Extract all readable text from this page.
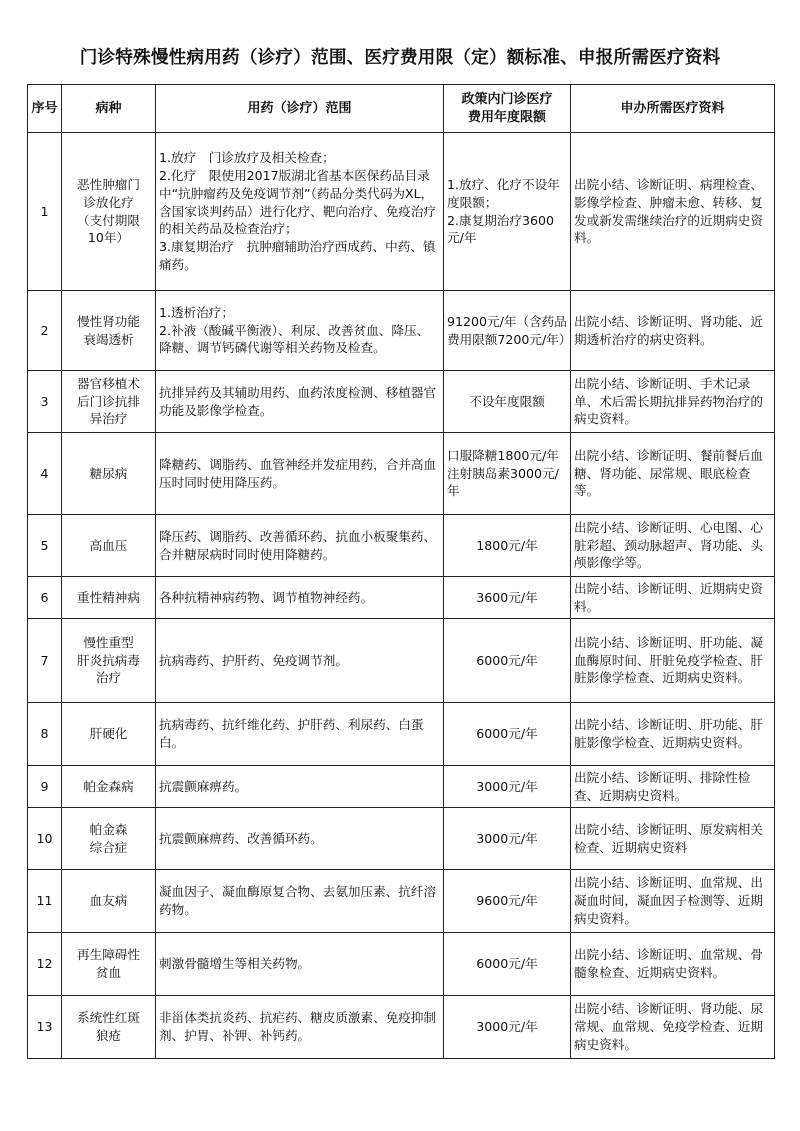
门诊特殊慢性病用药（诊疗）范围、医疗费用限（定）额标准、申报所需医疗资料
序号	病种	用药（诊疗）范围	政策内门诊医疗
费用年度限额	申办所需医疗资料
1	恶性肿瘤门
诊放化疗
（支付期限
10年）	1.放疗　门诊放疗及相关检查；
2.化疗　限使用2017版湖北省基本医保药品目录中“抗肿瘤药及免疫调节剂”（药品分类代码为XL，含国家谈判药品）进行化疗、靶向治疗、免疫治疗的相关药品及检查治疗；
3.康复期治疗　抗肿瘤辅助治疗西成药、中药、镇痛药。	1.放疗、化疗不设年度限额；
2.康复期治疗3600元/年	出院小结、诊断证明、病理检查、影像学检查、肿瘤未愈、转移、复发或新发需继续治疗的近期病史资料。
2	慢性肾功能
衰竭透析	1.透析治疗；
2.补液（酸碱平衡液）、利尿、改善贫血、降压、降糖、调节钙磷代谢等相关药物及检查。	91200元/年（含药品费用限额7200元/年）	出院小结、诊断证明、肾功能、近期透析治疗的病史资料。
3	器官移植术
后门诊抗排
异治疗	抗排异药及其辅助用药、血药浓度检测、移植器官功能及影像学检查。	不设年度限额	出院小结、诊断证明、手术记录单、术后需长期抗排异药物治疗的病史资料。
4	糖尿病	降糖药、调脂药、血管神经并发症用药，合并高血压时同时使用降压药。	口服降糖1800元/年
注射胰岛素3000元/年	出院小结、诊断证明、餐前餐后血糖、肾功能、尿常规、眼底检查等。
5	高血压	降压药、调脂药、改善循环药、抗血小板聚集药、合并糖尿病时同时使用降糖药。	1800元/年	出院小结、诊断证明、心电图、心脏彩超、颈动脉超声、肾功能、头颅影像学等。
6	重性精神病	各种抗精神病药物、调节植物神经药。	3600元/年	出院小结、诊断证明、近期病史资料。
7	慢性重型
肝炎抗病毒
治疗	抗病毒药、护肝药、免疫调节剂。	6000元/年	出院小结、诊断证明、肝功能、凝血酶原时间、肝脏免疫学检查、肝脏影像学检查、近期病史资料。
8	肝硬化	抗病毒药、抗纤维化药、护肝药、利尿药、白蛋白。	6000元/年	出院小结、诊断证明、肝功能、肝脏影像学检查、近期病史资料。
9	帕金森病	抗震颤麻痹药。	3000元/年	出院小结、诊断证明、排除性检查、近期病史资料。
10	帕金森
综合症	抗震颤麻痹药、改善循环药。	3000元/年	出院小结、诊断证明、原发病相关检查、近期病史资料
11	血友病	凝血因子、凝血酶原复合物、去氨加压素、抗纤溶药物。	9600元/年	出院小结、诊断证明、血常规、出凝血时间，凝血因子检测等、近期病史资料。
12	再生障碍性
贫血	刺激骨髓增生等相关药物。	6000元/年	出院小结、诊断证明、血常规、骨髓象检查、近期病史资料。
13	系统性红斑
狼疮	非甾体类抗炎药、抗疟药、糖皮质激素、免疫抑制剂、护胃、补钾、补钙药。	3000元/年	出院小结、诊断证明、肾功能、尿常规、血常规、免疫学检查、近期病史资料。
